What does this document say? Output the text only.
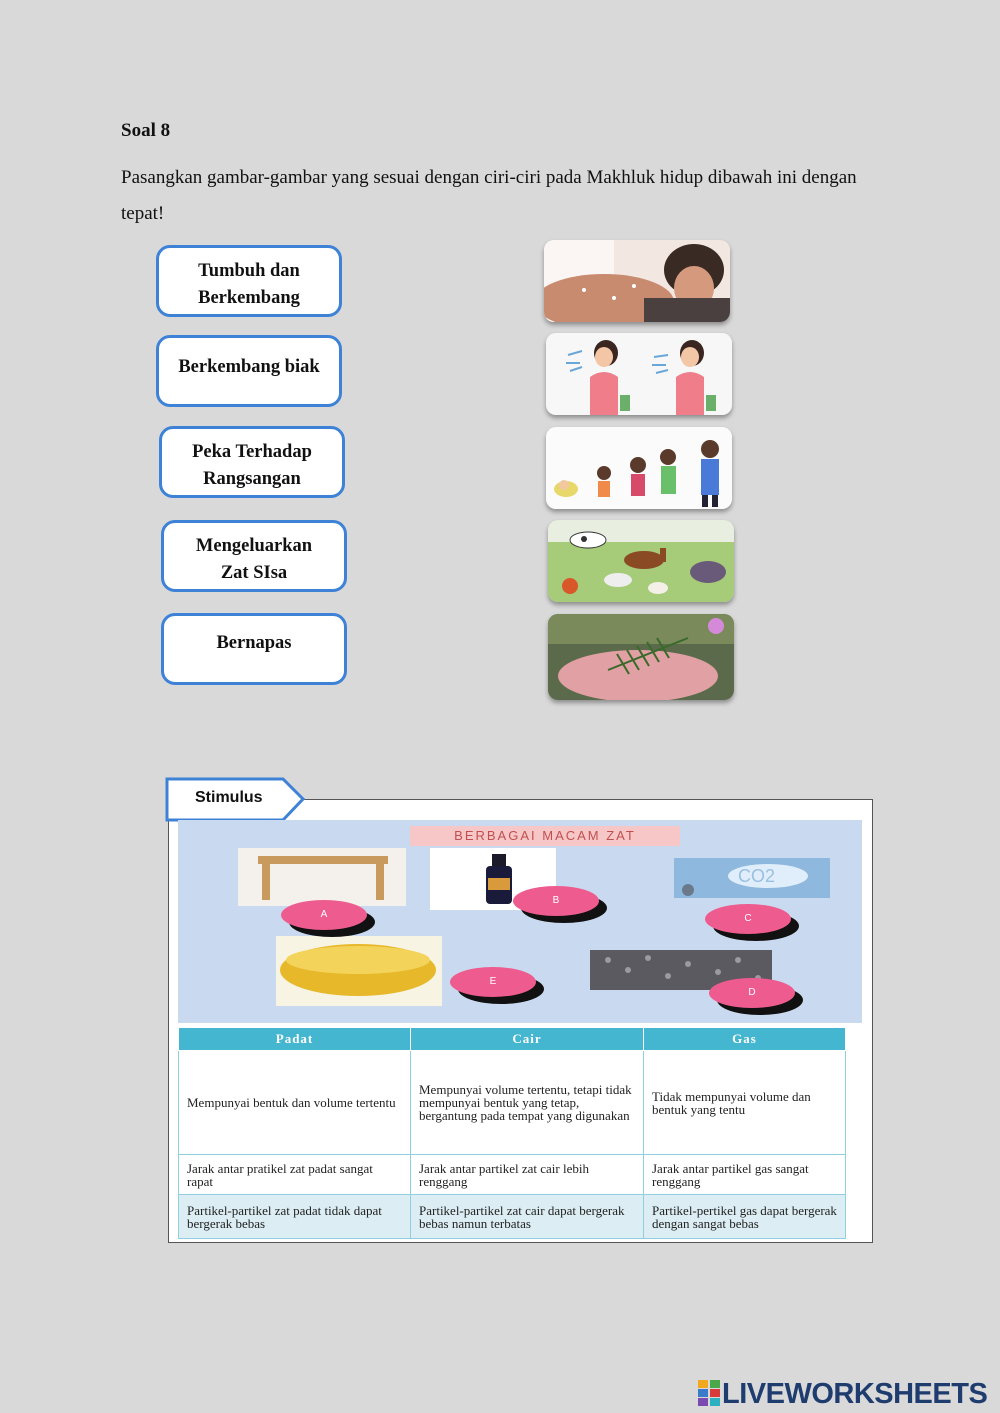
Soal 8
Pasangkan gambar-gambar yang sesuai dengan ciri-ciri pada Makhluk hidup dibawah ini dengan tepat!
Tumbuh dan
Berkembang
Berkembang biak
Peka Terhadap
Rangsangan
Mengeluarkan
Zat SIsa
Bernapas
Stimulus
CO2
BERBAGAI MACAM ZAT
A
B
C
D
E
Padat	Cair	Gas
Mempunyai bentuk dan volume tertentu	Mempunyai volume tertentu, tetapi tidak mempunyai bentuk yang tetap, bergantung pada tempat yang digunakan	Tidak mempunyai volume dan bentuk yang tentu
Jarak antar pratikel zat padat sangat rapat	Jarak antar partikel zat cair lebih renggang	Jarak antar partikel gas sangat renggang
Partikel-partikel zat padat tidak dapat bergerak bebas	Partikel-partikel zat cair dapat bergerak bebas namun terbatas	Partikel-pertikel gas dapat bergerak dengan sangat bebas
LIVEWORKSHEETS
